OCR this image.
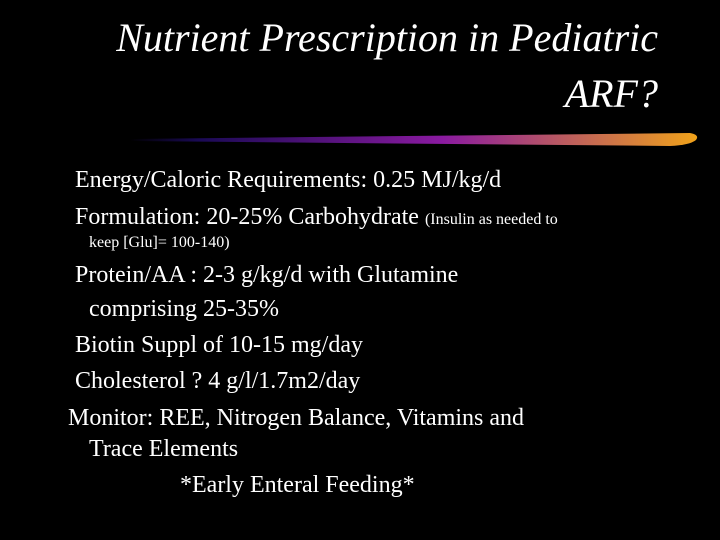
Nutrient Prescription in Pediatric
ARF?
Energy/Caloric Requirements: 0.25 MJ/kg/d
Formulation: 20-25% Carbohydrate (Insulin as needed to
keep [Glu]= 100-140)
Protein/AA : 2-3 g/kg/d with Glutamine
comprising 25-35%
Biotin Suppl of 10-15 mg/day
Cholesterol ? 4 g/l/1.7m2/day
Monitor: REE, Nitrogen Balance, Vitamins and
Trace Elements
*Early Enteral Feeding*
